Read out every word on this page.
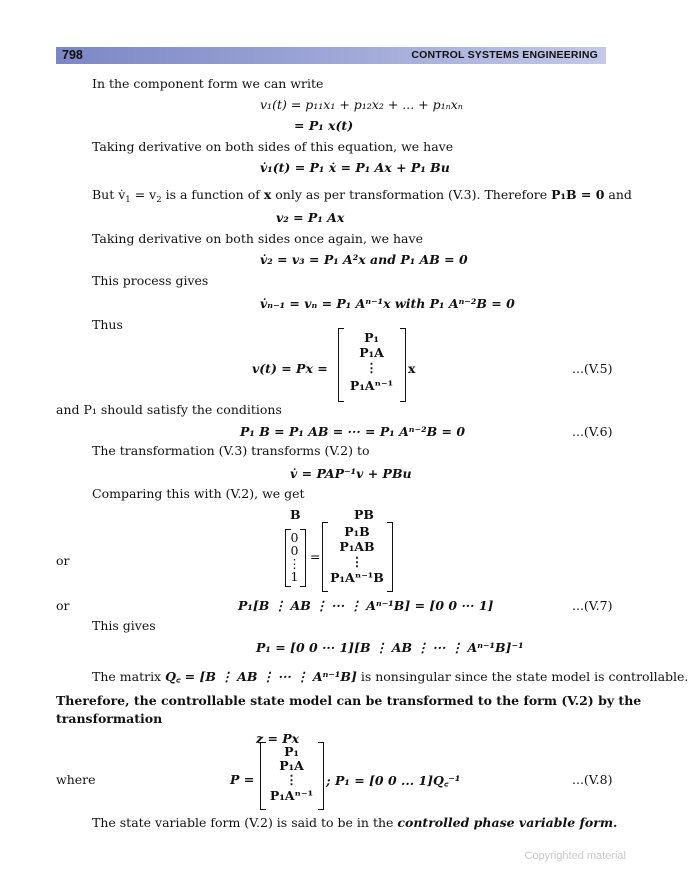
798	CONTROL SYSTEMS ENGINEERING
In the component form we can write
v₁(t) = p₁₁x₁ + p₁₂x₂ + ... + p₁ₙxₙ
= P₁ x(t)
Taking derivative on both sides of this equation, we have
v̇₁(t) = P₁ ẋ = P₁ Ax + P₁ Bu
But $v̇_1 = v_2$ is a function of x only as per transformation (V.3). Therefore P₁B = 0 and
v₂ = P₁ Ax
Taking derivative on both sides once again, we have
v̇₂ = v₃ = P₁ A²x and P₁ AB = 0
This process gives
v̇ₙ₋₁ = vₙ = P₁ Aⁿ⁻¹x with P₁ Aⁿ⁻²B = 0
Thus
v(t) = Px =
P₁
P₁A
⋮
P₁Aⁿ⁻¹
x	...(V.5)
and P₁ should satisfy the conditions
P₁ B = P₁ AB = ··· = P₁ Aⁿ⁻²B = 0	...(V.6)
The transformation (V.3) transforms (V.2) to
v̇ = PAP⁻¹v + PBu
Comparing this with (V.2), we get
B	PB
or
0
0
⋮
1
=
P₁B
P₁AB
⋮
P₁Aⁿ⁻¹B
or	P₁[B ⋮ AB ⋮ ··· ⋮ Aⁿ⁻¹B] = [0 0 ··· 1]	...(V.7)
This gives
P₁ = [0 0 ··· 1][B ⋮ AB ⋮ ··· ⋮ Aⁿ⁻¹B]⁻¹
The matrix Q꜀ = [B ⋮ AB ⋮ ··· ⋮ Aⁿ⁻¹B] is nonsingular since the state model is controllable.
Therefore, the controllable state model can be transformed to the form (V.2) by the
transformation
z = Px
where	P =
P₁
P₁A
⋮
P₁Aⁿ⁻¹
; P₁ = [0 0 ... 1]Q꜀⁻¹	...(V.8)
The state variable form (V.2) is said to be in the controlled phase variable form.
Copyrighted material
